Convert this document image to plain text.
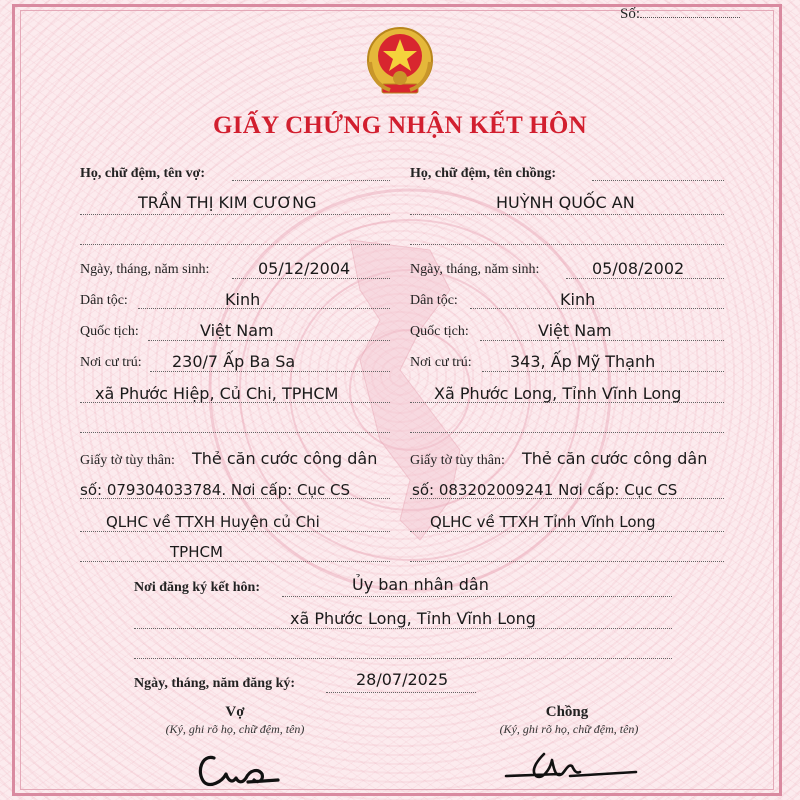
Số:
GIẤY CHỨNG NHẬN KẾT HÔN
Họ, chữ đệm, tên vợ:
TRẦN THỊ KIM CƯƠNG
Ngày, tháng, năm sinh:	05/12/2004
Dân tộc:	Kinh
Quốc tịch:	Việt Nam
Nơi cư trú: 230/7 Ấp Ba Sa
xã Phước Hiệp, Củ Chi, TPHCM
Giấy tờ tùy thân: Thẻ căn cước công dân
số: 079304033784. Nơi cấp: Cục CS
QLHC về TTXH Huyện củ Chi
TPHCM
Họ, chữ đệm, tên chồng:
HUỲNH QUỐC AN
Ngày, tháng, năm sinh:	05/08/2002
Dân tộc:	Kinh
Quốc tịch:	Việt Nam
Nơi cư trú: 343, Ấp Mỹ Thạnh
Xã Phước Long, Tỉnh Vĩnh Long
Giấy tờ tùy thân: Thẻ căn cước công dân
số: 083202009241 Nơi cấp: Cục CS
QLHC về TTXH Tỉnh Vĩnh Long
Nơi đăng ký kết hôn:	Ủy ban nhân dân
xã Phước Long, Tỉnh Vĩnh Long
Ngày, tháng, năm đăng ký:	28/07/2025
Vợ
(Ký, ghi rõ họ, chữ đệm, tên)
Chồng
(Ký, ghi rõ họ, chữ đệm, tên)
